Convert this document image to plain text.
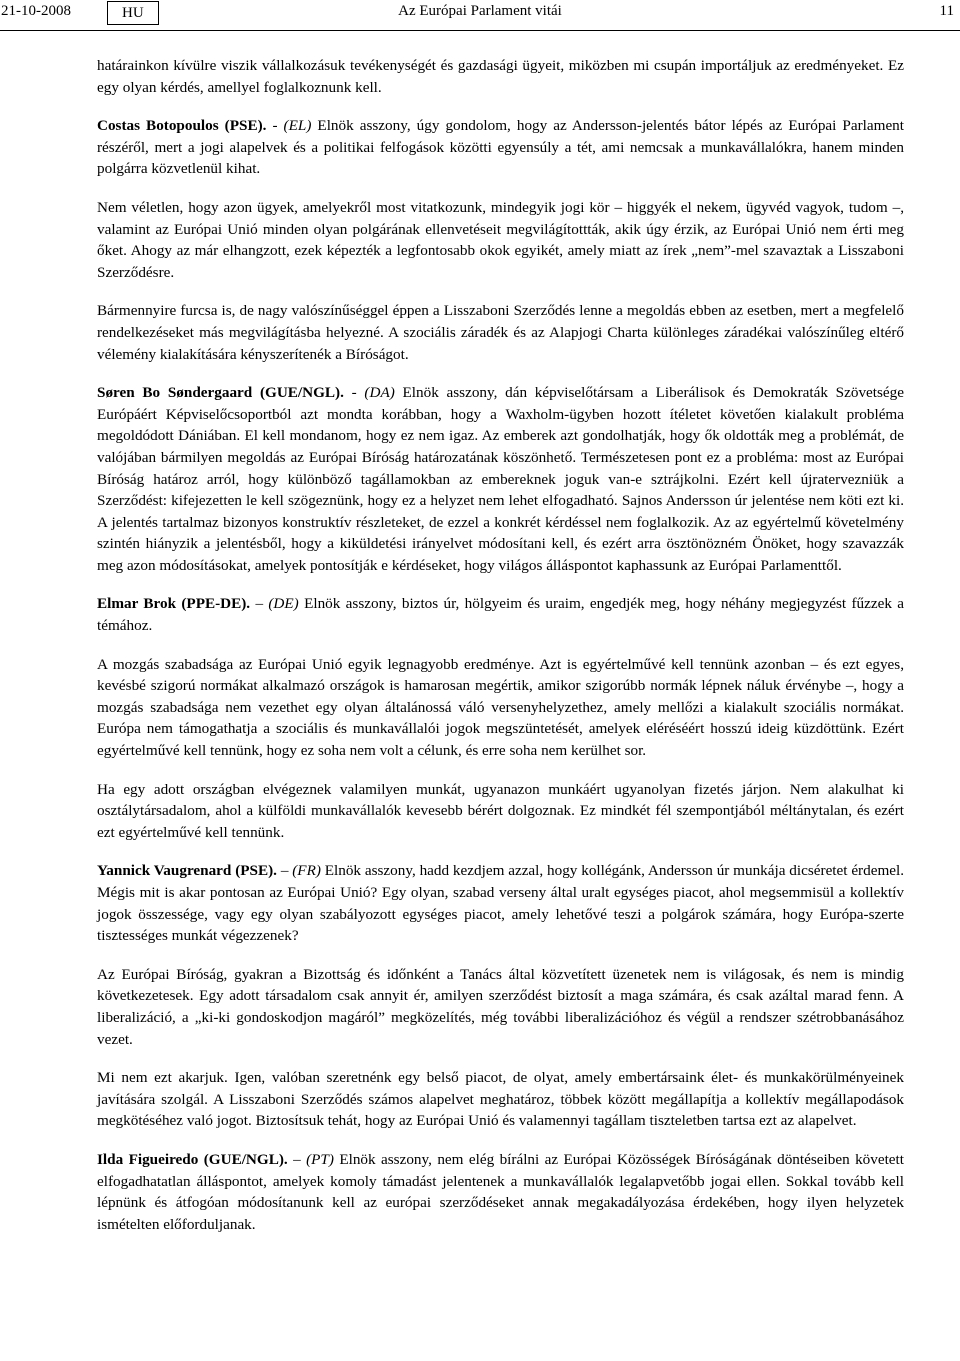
21-10-2008	HU	Az Európai Parlament vitái	11

határainkon kívülre viszik vállalkozásuk tevékenységét és gazdasági ügyeit, miközben mi csupán importáljuk az eredményeket. Ez egy olyan kérdés, amellyel foglalkoznunk kell.

Costas Botopoulos (PSE). - (EL) Elnök asszony, úgy gondolom, hogy az Andersson-jelentés bátor lépés az Európai Parlament részéről, mert a jogi alapelvek és a politikai felfogások közötti egyensúly a tét, ami nemcsak a munkavállalókra, hanem minden polgárra közvetlenül kihat.

Nem véletlen, hogy azon ügyek, amelyekről most vitatkozunk, mindegyik jogi kör – higgyék el nekem, ügyvéd vagyok, tudom –, valamint az Európai Unió minden olyan polgárának ellenvetéseit megvilágítottták, akik úgy érzik, az Európai Unió nem érti meg őket. Ahogy az már elhangzott, ezek képezték a legfontosabb okok egyikét, amely miatt az írek „nem”-mel szavaztak a Lisszaboni Szerződésre.

Bármennyire furcsa is, de nagy valószínűséggel éppen a Lisszaboni Szerződés lenne a megoldás ebben az esetben, mert a megfelelő rendelkezéseket más megvilágításba helyezné. A szociális záradék és az Alapjogi Charta különleges záradékai valószínűleg eltérő vélemény kialakítására kényszerítenék a Bíróságot.

Søren Bo Søndergaard (GUE/NGL). - (DA) Elnök asszony, dán képviselőtársam a Liberálisok és Demokraták Szövetsége Európáért Képviselőcsoportból azt mondta korábban, hogy a Waxholm-ügyben hozott ítéletet követően kialakult probléma megoldódott Dániában. El kell mondanom, hogy ez nem igaz. Az emberek azt gondolhatják, hogy ők oldották meg a problémát, de valójában bármilyen megoldás az Európai Bíróság határozatának köszönhető. Természetesen pont ez a probléma: most az Európai Bíróság határoz arról, hogy különböző tagállamokban az embereknek joguk van-e sztrájkolni. Ezért kell újratervezniük a Szerződést: kifejezetten le kell szögeznünk, hogy ez a helyzet nem lehet elfogadható. Sajnos Andersson úr jelentése nem köti ezt ki. A jelentés tartalmaz bizonyos konstruktív részleteket, de ezzel a konkrét kérdéssel nem foglalkozik. Az az egyértelmű követelmény szintén hiányzik a jelentésből, hogy a kiküldetési irányelvet módosítani kell, és ezért arra ösztönözném Önöket, hogy szavazzák meg azon módosításokat, amelyek pontosítják e kérdéseket, hogy világos álláspontot kaphassunk az Európai Parlamenttől.

Elmar Brok (PPE-DE). – (DE) Elnök asszony, biztos úr, hölgyeim és uraim, engedjék meg, hogy néhány megjegyzést fűzzek a témához.

A mozgás szabadsága az Európai Unió egyik legnagyobb eredménye. Azt is egyértelművé kell tennünk azonban – és ezt egyes, kevésbé szigorú normákat alkalmazó országok is hamarosan megértik, amikor szigorúbb normák lépnek náluk érvénybe –, hogy a mozgás szabadsága nem vezethet egy olyan általánossá váló versenyhelyzethez, amely mellőzi a kialakult szociális normákat. Európa nem támogathatja a szociális és munkavállalói jogok megszüntetését, amelyek eléréséért hosszú ideig küzdöttünk. Ezért egyértelművé kell tennünk, hogy ez soha nem volt a célunk, és erre soha nem kerülhet sor.

Ha egy adott országban elvégeznek valamilyen munkát, ugyanazon munkáért ugyanolyan fizetés járjon. Nem alakulhat ki osztálytársadalom, ahol a külföldi munkavállalók kevesebb bérért dolgoznak. Ez mindkét fél szempontjából méltánytalan, és ezért ezt egyértelművé kell tennünk.

Yannick Vaugrenard (PSE). – (FR) Elnök asszony, hadd kezdjem azzal, hogy kollégánk, Andersson úr munkája dicséretet érdemel. Mégis mit is akar pontosan az Európai Unió? Egy olyan, szabad verseny által uralt egységes piacot, ahol megsemmisül a kollektív jogok összessége, vagy egy olyan szabályozott egységes piacot, amely lehetővé teszi a polgárok számára, hogy Európa-szerte tisztességes munkát végezzenek?

Az Európai Bíróság, gyakran a Bizottság és időnként a Tanács által közvetített üzenetek nem is világosak, és nem is mindig következetesek. Egy adott társadalom csak annyit ér, amilyen szerződést biztosít a maga számára, és csak azáltal marad fenn. A liberalizáció, a „ki-ki gondoskodjon magáról” megközelítés, még további liberalizációhoz és végül a rendszer szétrobbanásához vezet.

Mi nem ezt akarjuk. Igen, valóban szeretnénk egy belső piacot, de olyat, amely embertársaink élet- és munkakörülményeinek javítására szolgál. A Lisszaboni Szerződés számos alapelvet meghatároz, többek között megállapítja a kollektív megállapodások megkötéséhez való jogot. Biztosítsuk tehát, hogy az Európai Unió és valamennyi tagállam tiszteletben tartsa ezt az alapelvet.

Ilda Figueiredo (GUE/NGL). – (PT) Elnök asszony, nem elég bírálni az Európai Közösségek Bíróságának döntéseiben követett elfogadhatatlan álláspontot, amelyek komoly támadást jelentenek a munkavállalók legalapvetőbb jogai ellen. Sokkal tovább kell lépnünk és átfogóan módosítanunk kell az európai szerződéseket annak megakadályozása érdekében, hogy ilyen helyzetek ismételten előforduljanak.
